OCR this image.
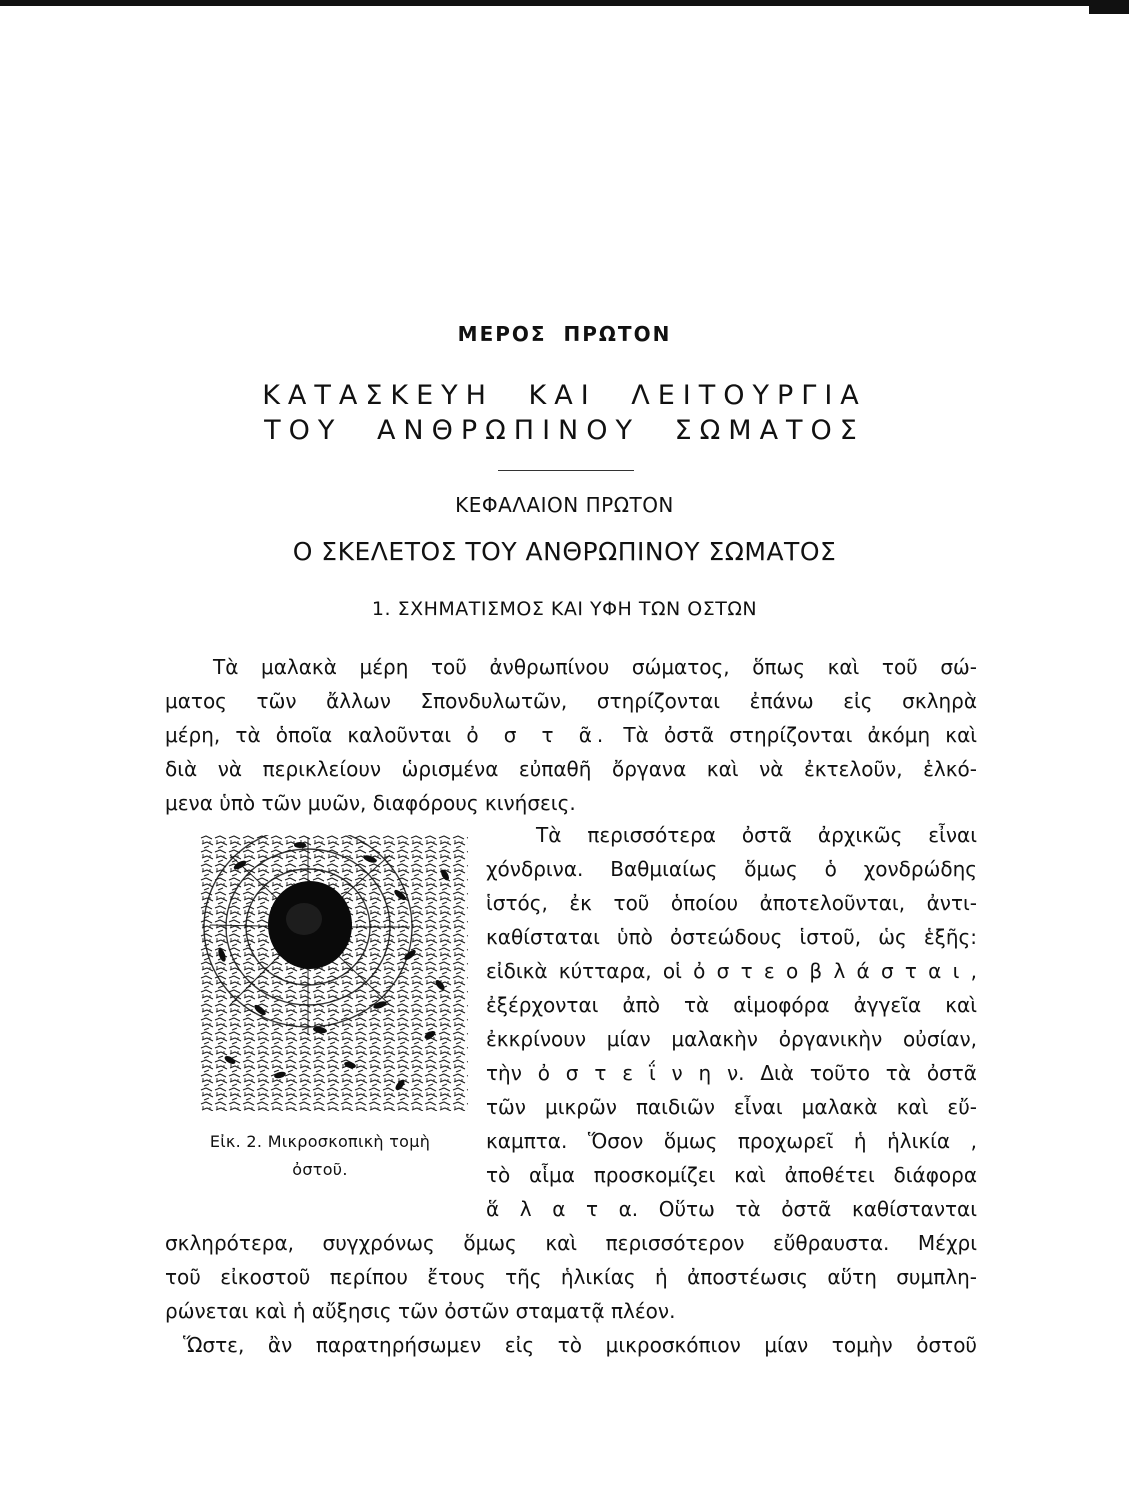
ΜΕΡΟΣ ΠΡΩΤΟΝ
ΚΑΤΑΣΚΕΥΗ ΚΑΙ ΛΕΙΤΟΥΡΓΙΑ
ΤΟΥ ΑΝΘΡΩΠΙΝΟΥ ΣΩΜΑΤΟΣ
ΚΕΦΑΛΑΙΟΝ ΠΡΩΤΟΝ
Ο ΣΚΕΛΕΤΟΣ ΤΟΥ ΑΝΘΡΩΠΙΝΟΥ ΣΩΜΑΤΟΣ
1. ΣΧΗΜΑΤΙΣΜΟΣ ΚΑΙ ΥΦΗ ΤΩΝ ΟΣΤΩΝ
Τὰ μαλακὰ μέρη τοῦ ἀνθρωπίνου σώματος, ὅπως καὶ τοῦ σώ-
ματος τῶν ἄλλων Σπονδυλωτῶν, στηρίζονται ἐπάνω εἰς σκληρὰ
μέρη, τὰ ὁποῖα καλοῦνται ὀ σ τ ᾶ. Τὰ ὀστᾶ στηρίζονται ἀκόμη καὶ
διὰ νὰ περικλείουν ὡρισμένα εὐπαθῆ ὄργανα καὶ νὰ ἐκτελοῦν, ἑλκό-
μενα ὑπὸ τῶν μυῶν, διαφόρους κινήσεις.
Τὰ περισσότερα ὀστᾶ ἀρχικῶς εἶναι
χόνδρινα. Βαθμιαίως ὅμως ὁ χονδρώδης
ἱστός, ἐκ τοῦ ὁποίου ἀποτελοῦνται, ἀντι-
καθίσταται ὑπὸ ὀστεώδους ἱστοῦ, ὡς ἑξῆς:
εἰδικὰ κύτταρα, οἱ ὀ σ τ ε ο β λ ά σ τ α ι ,
ἐξέρχονται ἀπὸ τὰ αἱμοφόρα ἀγγεῖα καὶ
ἐκκρίνουν μίαν μαλακὴν ὀργανικὴν οὐσίαν,
τὴν ὀ σ τ ε ΐ ν η ν. Διὰ τοῦτο τὰ ὀστᾶ
τῶν μικρῶν παιδιῶν εἶναι μαλακὰ καὶ εὔ-
καμπτα. Ὅσον ὅμως προχωρεῖ ἡ ἡλικία ,
τὸ αἷμα προσκομίζει καὶ ἀποθέτει διάφορα
ἅ λ α τ α. Οὕτω τὰ ὀστᾶ καθίστανται
Εἰκ. 2. Μικροσκοπικὴ τομὴ
ὀστοῦ.
σκληρότερα, συγχρόνως ὅμως καὶ περισσότερον εὔθραυστα. Μέχρι
τοῦ εἰκοστοῦ περίπου ἔτους τῆς ἡλικίας ἡ ἀποστέωσις αὕτη συμπλη-
ρώνεται καὶ ἡ αὔξησις τῶν ὀστῶν σταματᾷ πλέον.
Ὥστε, ἂν παρατηρήσωμεν εἰς τὸ μικροσκόπιον μίαν τομὴν ὀστοῦ
